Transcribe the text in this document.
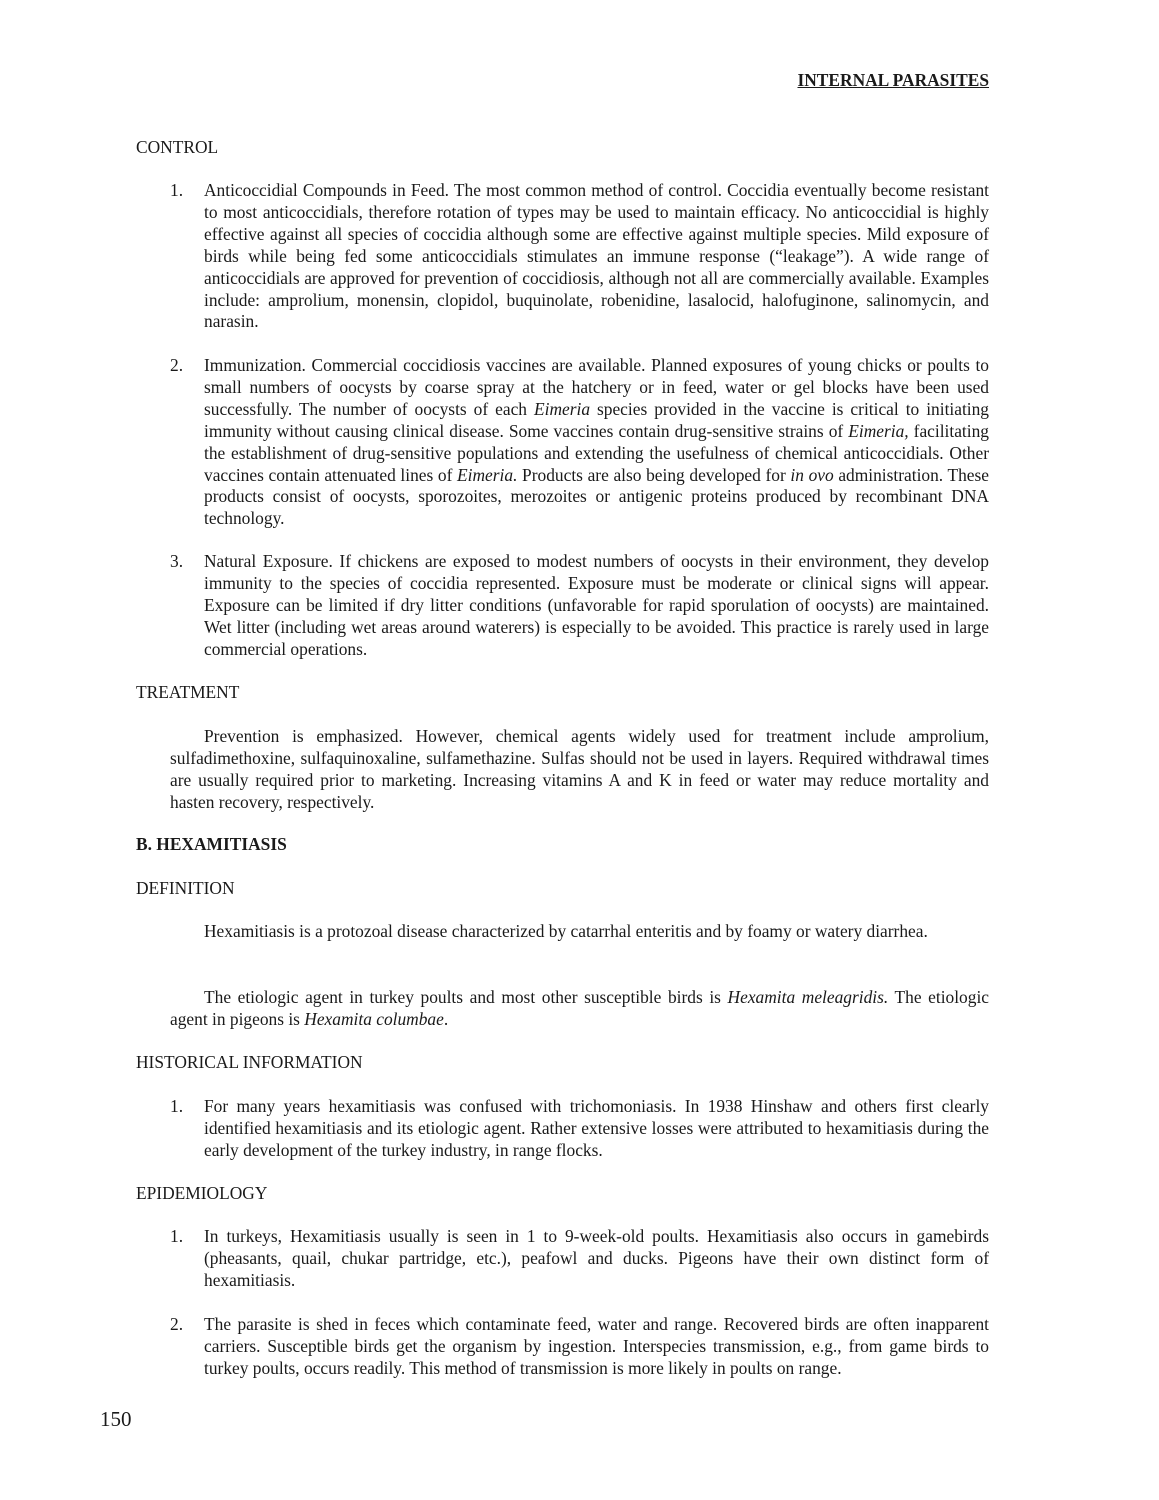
INTERNAL PARASITES
CONTROL
1. Anticoccidial Compounds in Feed. The most common method of control. Coccidia eventually become resistant to most anticoccidials, therefore rotation of types may be used to maintain efficacy. No anticoccidial is highly effective against all species of coccidia although some are effective against multiple species. Mild exposure of birds while being fed some anticoccidials stimulates an immune response (“leakage”). A wide range of anticoccidials are approved for prevention of coccidiosis, although not all are commercially available. Examples include: amprolium, monensin, clopidol, buquinolate, robenidine, lasalocid, halofuginone, salinomycin, and narasin.
2. Immunization. Commercial coccidiosis vaccines are available. Planned exposures of young chicks or poults to small numbers of oocysts by coarse spray at the hatchery or in feed, water or gel blocks have been used successfully. The number of oocysts of each Eimeria species provided in the vaccine is critical to initiating immunity without causing clinical disease. Some vaccines contain drug-sensitive strains of Eimeria, facilitating the establishment of drug-sensitive populations and extending the usefulness of chemical anticoccidials. Other vaccines contain attenuated lines of Eimeria. Products are also being developed for in ovo administration. These products consist of oocysts, sporozoites, merozoites or antigenic proteins produced by recombinant DNA technology.
3. Natural Exposure. If chickens are exposed to modest numbers of oocysts in their environment, they develop immunity to the species of coccidia represented. Exposure must be moderate or clinical signs will appear. Exposure can be limited if dry litter conditions (unfavorable for rapid sporulation of oocysts) are maintained. Wet litter (including wet areas around waterers) is especially to be avoided. This practice is rarely used in large commercial operations.
TREATMENT
Prevention is emphasized. However, chemical agents widely used for treatment include amprolium, sulfadimethoxine, sulfaquinoxaline, sulfamethazine. Sulfas should not be used in layers. Required withdrawal times are usually required prior to marketing. Increasing vitamins A and K in feed or water may reduce mortality and hasten recovery, respectively.
B. HEXAMITIASIS
DEFINITION
Hexamitiasis is a protozoal disease characterized by catarrhal enteritis and by foamy or watery diarrhea.
The etiologic agent in turkey poults and most other susceptible birds is Hexamita meleagridis. The etiologic agent in pigeons is Hexamita columbae.
HISTORICAL INFORMATION
1. For many years hexamitiasis was confused with trichomoniasis. In 1938 Hinshaw and others first clearly identified hexamitiasis and its etiologic agent. Rather extensive losses were attributed to hexamitiasis during the early development of the turkey industry, in range flocks.
EPIDEMIOLOGY
1. In turkeys, Hexamitiasis usually is seen in 1 to 9-week-old poults. Hexamitiasis also occurs in gamebirds (pheasants, quail, chukar partridge, etc.), peafowl and ducks. Pigeons have their own distinct form of hexamitiasis.
2. The parasite is shed in feces which contaminate feed, water and range. Recovered birds are often inapparent carriers. Susceptible birds get the organism by ingestion. Interspecies transmission, e.g., from game birds to turkey poults, occurs readily. This method of transmission is more likely in poults on range.
150
